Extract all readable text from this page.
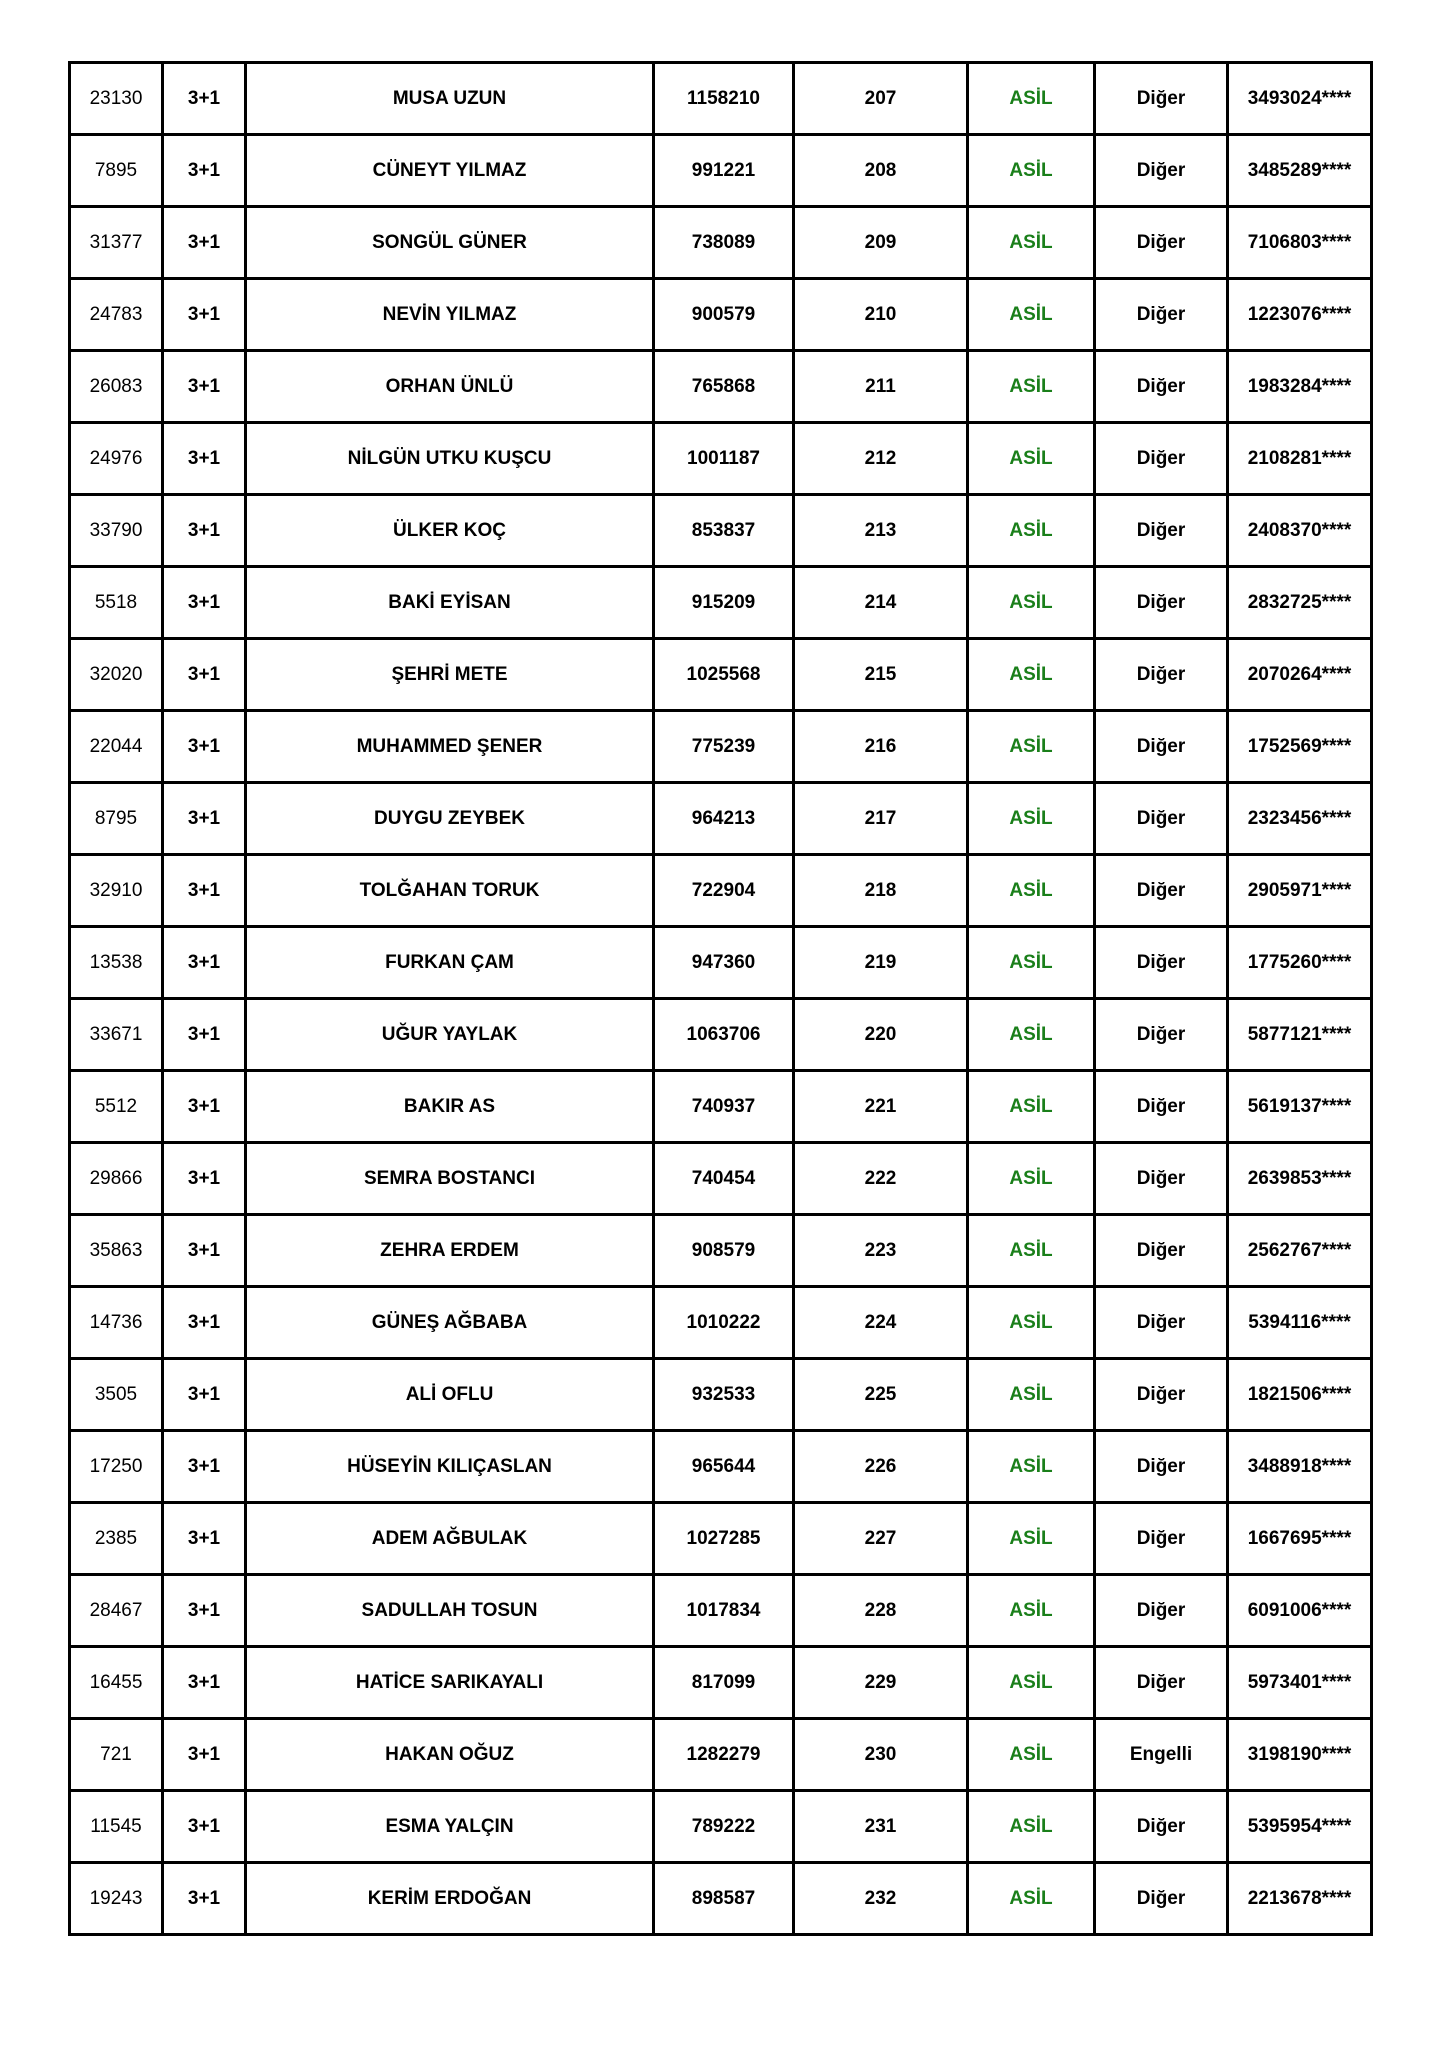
23130	3+1	MUSA UZUN	1158210	207	ASİL	Diğer	3493024****
7895	3+1	CÜNEYT YILMAZ	991221	208	ASİL	Diğer	3485289****
31377	3+1	SONGÜL GÜNER	738089	209	ASİL	Diğer	7106803****
24783	3+1	NEVİN YILMAZ	900579	210	ASİL	Diğer	1223076****
26083	3+1	ORHAN ÜNLÜ	765868	211	ASİL	Diğer	1983284****
24976	3+1	NİLGÜN UTKU KUŞCU	1001187	212	ASİL	Diğer	2108281****
33790	3+1	ÜLKER KOÇ	853837	213	ASİL	Diğer	2408370****
5518	3+1	BAKİ EYİSAN	915209	214	ASİL	Diğer	2832725****
32020	3+1	ŞEHRİ METE	1025568	215	ASİL	Diğer	2070264****
22044	3+1	MUHAMMED ŞENER	775239	216	ASİL	Diğer	1752569****
8795	3+1	DUYGU ZEYBEK	964213	217	ASİL	Diğer	2323456****
32910	3+1	TOLĞAHAN TORUK	722904	218	ASİL	Diğer	2905971****
13538	3+1	FURKAN ÇAM	947360	219	ASİL	Diğer	1775260****
33671	3+1	UĞUR YAYLAK	1063706	220	ASİL	Diğer	5877121****
5512	3+1	BAKIR AS	740937	221	ASİL	Diğer	5619137****
29866	3+1	SEMRA BOSTANCI	740454	222	ASİL	Diğer	2639853****
35863	3+1	ZEHRA ERDEM	908579	223	ASİL	Diğer	2562767****
14736	3+1	GÜNEŞ AĞBABA	1010222	224	ASİL	Diğer	5394116****
3505	3+1	ALİ OFLU	932533	225	ASİL	Diğer	1821506****
17250	3+1	HÜSEYİN KILIÇASLAN	965644	226	ASİL	Diğer	3488918****
2385	3+1	ADEM AĞBULAK	1027285	227	ASİL	Diğer	1667695****
28467	3+1	SADULLAH TOSUN	1017834	228	ASİL	Diğer	6091006****
16455	3+1	HATİCE SARIKAYALI	817099	229	ASİL	Diğer	5973401****
721	3+1	HAKAN OĞUZ	1282279	230	ASİL	Engelli	3198190****
11545	3+1	ESMA YALÇIN	789222	231	ASİL	Diğer	5395954****
19243	3+1	KERİM ERDOĞAN	898587	232	ASİL	Diğer	2213678****
